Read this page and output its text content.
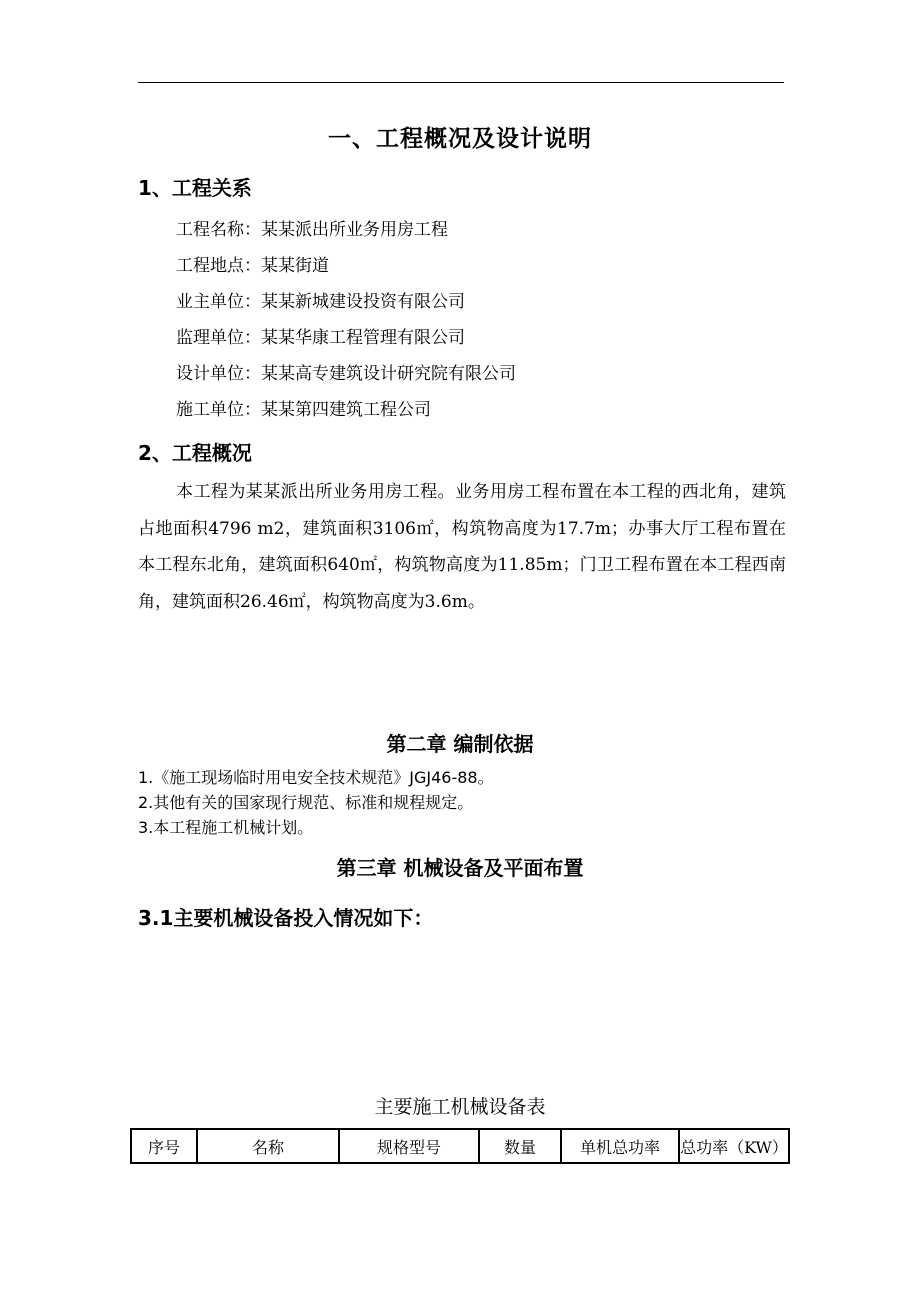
一、工程概况及设计说明
1、工程关系
工程名称：某某派出所业务用房工程
工程地点：某某街道
业主单位：某某新城建设投资有限公司
监理单位：某某华康工程管理有限公司
设计单位：某某高专建筑设计研究院有限公司
施工单位：某某第四建筑工程公司
2、工程概况
本工程为某某派出所业务用房工程。业务用房工程布置在本工程的西北角，建筑占地面积4796 m2，建筑面积3106㎡，构筑物高度为17.7m；办事大厅工程布置在本工程东北角，建筑面积640㎡，构筑物高度为11.85m；门卫工程布置在本工程西南角，建筑面积26.46㎡，构筑物高度为3.6m。
第二章 编制依据
1.《施工现场临时用电安全技术规范》JGJ46-88。
2.其他有关的国家现行规范、标准和规程规定。
3.本工程施工机械计划。
第三章 机械设备及平面布置
3.1主要机械设备投入情况如下：
主要施工机械设备表
序号	名称	规格型号	数量	单机总功率	总功率（KW）
